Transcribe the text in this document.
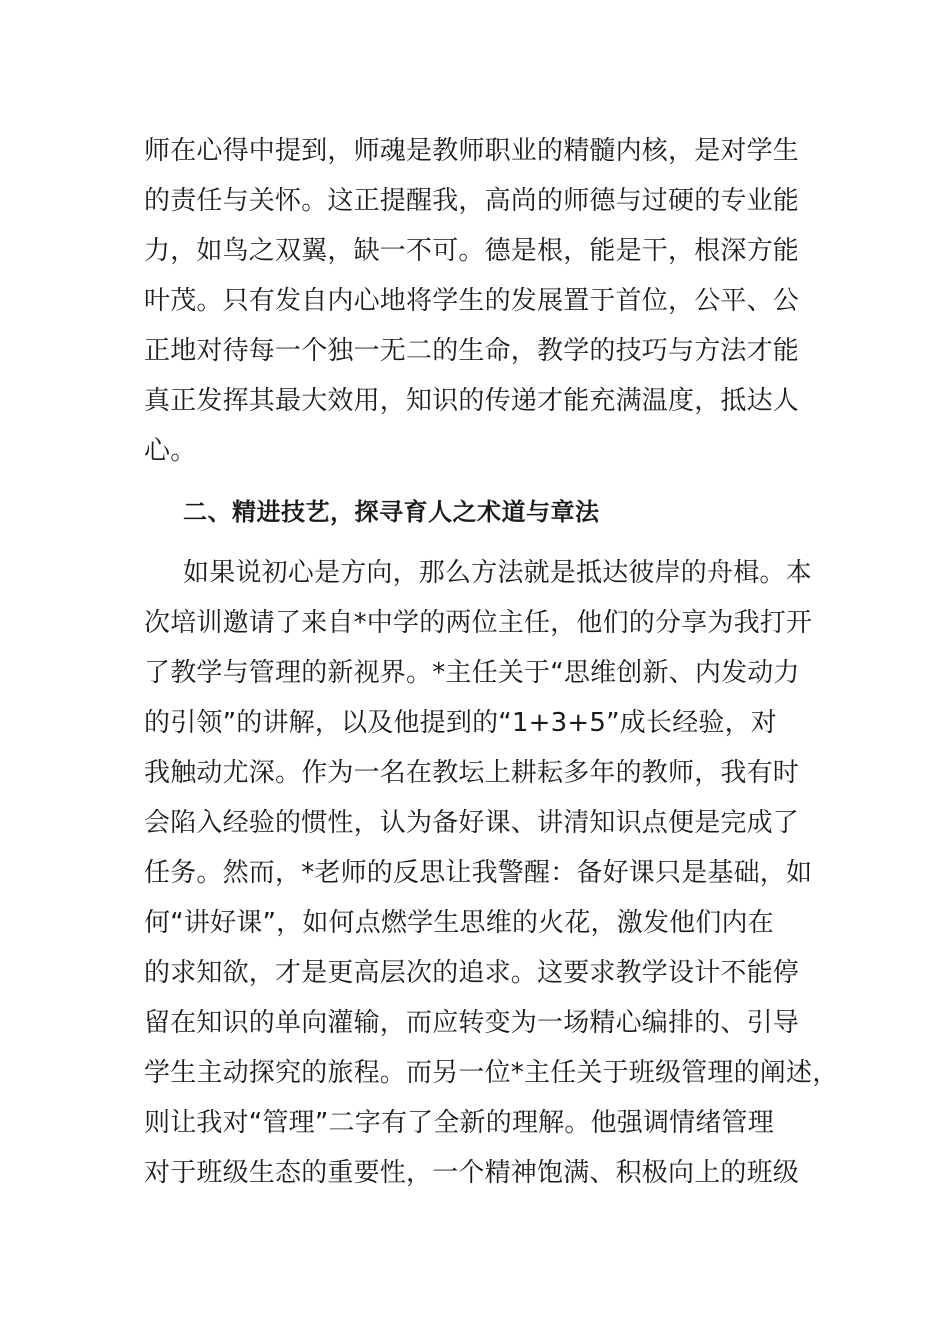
师在心得中提到，师魂是教师职业的精髓内核，是对学生
的责任与关怀。这正提醒我，高尚的师德与过硬的专业能
力，如鸟之双翼，缺一不可。德是根，能是干，根深方能
叶茂。只有发自内心地将学生的发展置于首位，公平、公
正地对待每一个独一无二的生命，教学的技巧与方法才能
真正发挥其最大效用，知识的传递才能充满温度，抵达人
心。
二、精进技艺，探寻育人之术道与章法
如果说初心是方向，那么方法就是抵达彼岸的舟楫。本
次培训邀请了来自*中学的两位主任，他们的分享为我打开
了教学与管理的新视界。*主任关于“思维创新、内发动力
的引领”的讲解，以及他提到的“1+3+5”成长经验，对
我触动尤深。作为一名在教坛上耕耘多年的教师，我有时
会陷入经验的惯性，认为备好课、讲清知识点便是完成了
任务。然而，*老师的反思让我警醒：备好课只是基础，如
何“讲好课”，如何点燃学生思维的火花，激发他们内在
的求知欲，才是更高层次的追求。这要求教学设计不能停
留在知识的单向灌输，而应转变为一场精心编排的、引导
学生主动探究的旅程。而另一位*主任关于班级管理的阐述，
则让我对“管理”二字有了全新的理解。他强调情绪管理
对于班级生态的重要性，一个精神饱满、积极向上的班级
